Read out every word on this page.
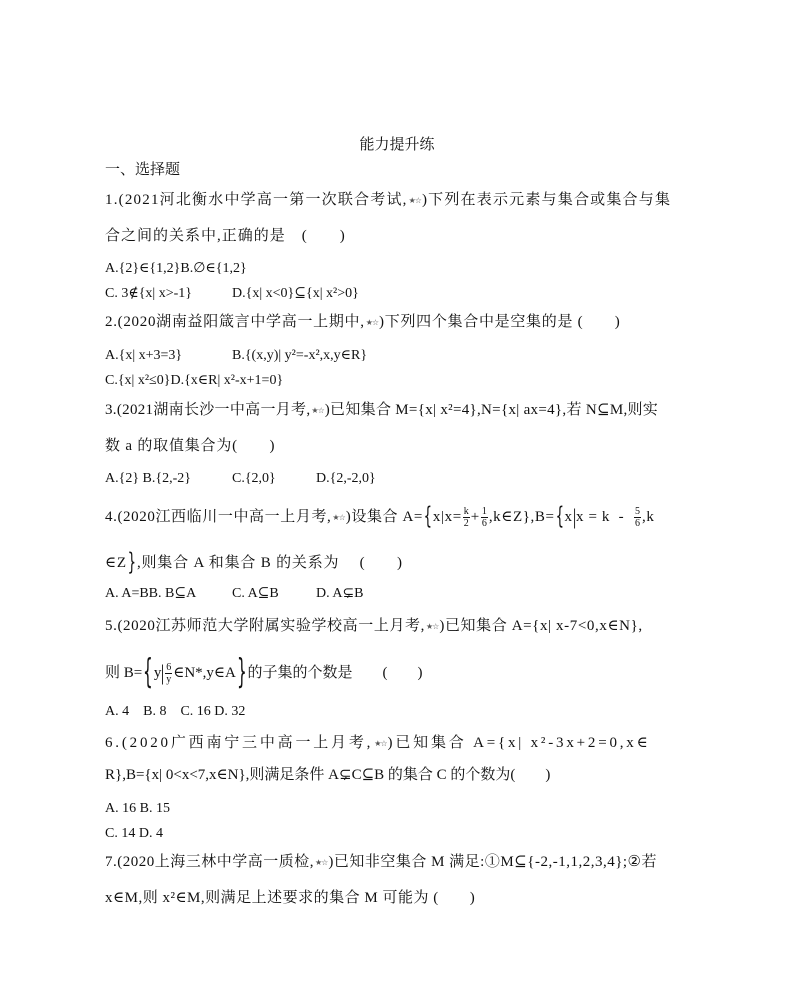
能力提升练
一、选择题
1.(2021河北衡水中学高一第一次联合考试,★☆)下列在表示元素与集合或集合与集
合之间的关系中,正确的是　(　　)
A.{2}∈{1,2}B.∅∈{1,2}
C. 3∉{x| x>-1}	D.{x| x<0}⊆{x| x²>0}
2.(2020湖南益阳箴言中学高一上期中,★☆)下列四个集合中是空集的是 (　　)
A.{x| x+3=3}	B.{(x,y)| y²=-x²,x,y∈R}
C.{x| x²≤0}D.{x∈R| x²-x+1=0}
3.(2021湖南长沙一中高一月考,★☆)已知集合 M={x| x²=4},N={x| ax=4},若 N⊆M,则实
数 a 的取值集合为(　　)
A.{2} B.{2,-2}	C.{2,0}	D.{2,-2,0}
4.(2020江西临川一中高一上月考,★☆)设集合 $A=\{x|x= \frac{k}{2} + \frac{1}{6}$ ,k∈Z},B={x|x = k  - $\frac{5}{6} ,k$
∈Z},则集合 A 和集合 B 的关系为　 (　　)
A. A=BB. B⊆A	C. A⊆B	D. A⊊B
5.(2020江苏师范大学附属实验学校高一上月考,★☆)已知集合 A={x| x-7<0,x∈N},
则 $B=\{y| \frac{6}{y}$ ∈N*,y∈A}的子集的个数是 (　　)
A. 4　B. 8　C. 16 D. 32
6.(2020广西南宁三中高一上月考,★☆)已知集合 A={x| x²-3x+2=0,x∈
R},B={x| 0<x<7,x∈N},则满足条件 A⊊C⊆B 的集合 C 的个数为(　　)
A. 16 B. 15
C. 14 D. 4
7.(2020上海三林中学高一质检,★☆)已知非空集合 M 满足:①M⊆{-2,-1,1,2,3,4};②若
x∈M,则 x²∈M,则满足上述要求的集合 M 可能为 (　　)
